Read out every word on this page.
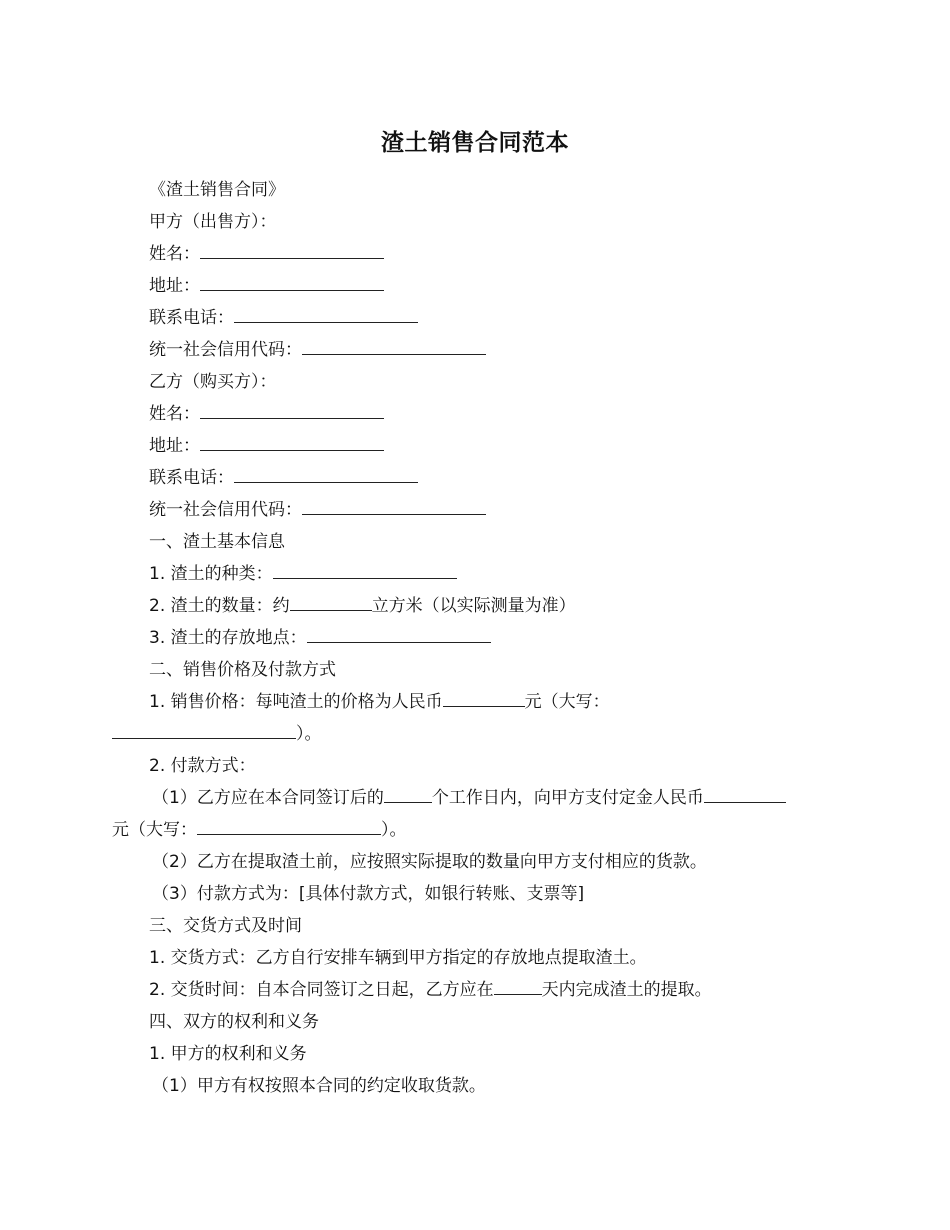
渣土销售合同范本
《渣土销售合同》
甲方（出售方）：
姓名：
地址：
联系电话：
统一社会信用代码：
乙方（购买方）：
姓名：
地址：
联系电话：
统一社会信用代码：
一、渣土基本信息
1. 渣土的种类：
2. 渣土的数量：约	立方米（以实际测量为准）
3. 渣土的存放地点：
二、销售价格及付款方式
1. 销售价格：每吨渣土的价格为人民币	元（大写：
）。
2. 付款方式：
（1）乙方应在本合同签订后的	个工作日内，向甲方支付定金人民币
元（大写：	）。
（2）乙方在提取渣土前，应按照实际提取的数量向甲方支付相应的货款。
（3）付款方式为：[具体付款方式，如银行转账、支票等]
三、交货方式及时间
1. 交货方式：乙方自行安排车辆到甲方指定的存放地点提取渣土。
2. 交货时间：自本合同签订之日起，乙方应在	天内完成渣土的提取。
四、双方的权利和义务
1. 甲方的权利和义务
（1）甲方有权按照本合同的约定收取货款。
